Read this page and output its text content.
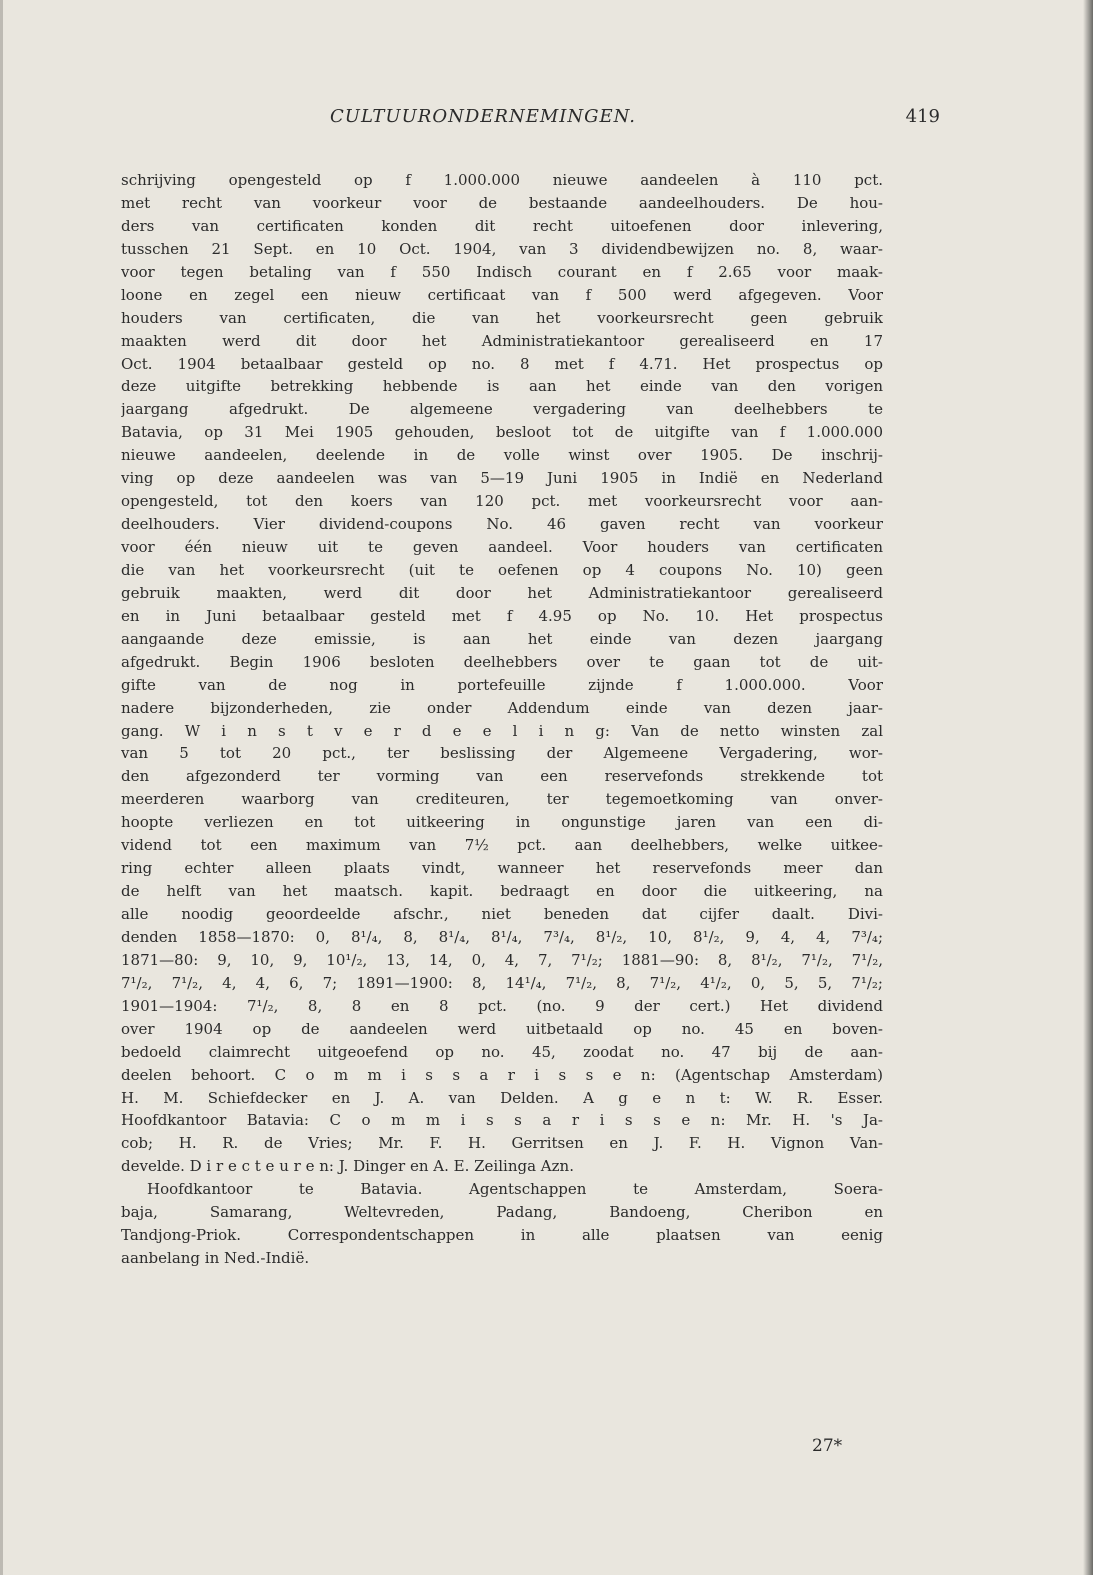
CULTUURONDERNEMINGEN.	419
schrijving opengesteld op f 1.000.000 nieuwe aandeelen à 110 pct.
met recht van voorkeur voor de bestaande aandeelhouders. De hou-
ders van certificaten konden dit recht uitoefenen door inlevering,
tusschen 21 Sept. en 10 Oct. 1904, van 3 dividendbewijzen no. 8, waar-
voor tegen betaling van f 550 Indisch courant en f 2.65 voor maak-
loone en zegel een nieuw certificaat van f 500 werd afgegeven. Voor
houders van certificaten, die van het voorkeursrecht geen gebruik
maakten werd dit door het Administratiekantoor gerealiseerd en 17
Oct. 1904 betaalbaar gesteld op no. 8 met f 4.71. Het prospectus op
deze uitgifte betrekking hebbende is aan het einde van den vorigen
jaargang afgedrukt. De algemeene vergadering van deelhebbers te
Batavia, op 31 Mei 1905 gehouden, besloot tot de uitgifte van f 1.000.000
nieuwe aandeelen, deelende in de volle winst over 1905. De inschrij-
ving op deze aandeelen was van 5—19 Juni 1905 in Indië en Nederland
opengesteld, tot den koers van 120 pct. met voorkeursrecht voor aan-
deelhouders. Vier dividend-coupons No. 46 gaven recht van voorkeur
voor één nieuw uit te geven aandeel. Voor houders van certificaten
die van het voorkeursrecht (uit te oefenen op 4 coupons No. 10) geen
gebruik maakten, werd dit door het Administratiekantoor gerealiseerd
en in Juni betaalbaar gesteld met f 4.95 op No. 10. Het prospectus
aangaande deze emissie, is aan het einde van dezen jaargang
afgedrukt. Begin 1906 besloten deelhebbers over te gaan tot de uit-
gifte van de nog in portefeuille zijnde f 1.000.000. Voor
nadere bijzonderheden, zie onder Addendum einde van dezen jaar-
gang. W i n s t v e r d e e l i n g: Van de netto winsten zal
van 5 tot 20 pct., ter beslissing der Algemeene Vergadering, wor-
den afgezonderd ter vorming van een reservefonds strekkende tot
meerderen waarborg van crediteuren, ter tegemoetkoming van onver-
hoopte verliezen en tot uitkeering in ongunstige jaren van een di-
vidend tot een maximum van 7½ pct. aan deelhebbers, welke uitkee-
ring echter alleen plaats vindt, wanneer het reservefonds meer dan
de helft van het maatsch. kapit. bedraagt en door die uitkeering, na
alle noodig geoordeelde afschr., niet beneden dat cijfer daalt. Divi-
denden 1858—1870: 0, 8¹/₄, 8, 8¹/₄, 8¹/₄, 7³/₄, 8¹/₂, 10, 8¹/₂, 9, 4, 4, 7³/₄;
1871—80: 9, 10, 9, 10¹/₂, 13, 14, 0, 4, 7, 7¹/₂; 1881—90: 8, 8¹/₂, 7¹/₂, 7¹/₂,
7¹/₂, 7¹/₂, 4, 4, 6, 7; 1891—1900: 8, 14¹/₄, 7¹/₂, 8, 7¹/₂, 4¹/₂, 0, 5, 5, 7¹/₂;
1901—1904: 7¹/₂, 8, 8 en 8 pct. (no. 9 der cert.) Het dividend
over 1904 op de aandeelen werd uitbetaald op no. 45 en boven-
bedoeld claimrecht uitgeoefend op no. 45, zoodat no. 47 bij de aan-
deelen behoort. C o m m i s s a r i s s e n: (Agentschap Amsterdam)
H. M. Schiefdecker en J. A. van Delden. A g e n t: W. R. Esser.
Hoofdkantoor Batavia: C o m m i s s a r i s s e n: Mr. H. 's Ja-
cob; H. R. de Vries; Mr. F. H. Gerritsen en J. F. H. Vignon Van-
develde. D i r e c t e u r e n: J. Dinger en A. E. Zeilinga Azn.
Hoofdkantoor te Batavia. Agentschappen te Amsterdam, Soera-
baja, Samarang, Weltevreden, Padang, Bandoeng, Cheribon en
Tandjong-Priok. Correspondentschappen in alle plaatsen van eenig
aanbelang in Ned.-Indië.
27*
